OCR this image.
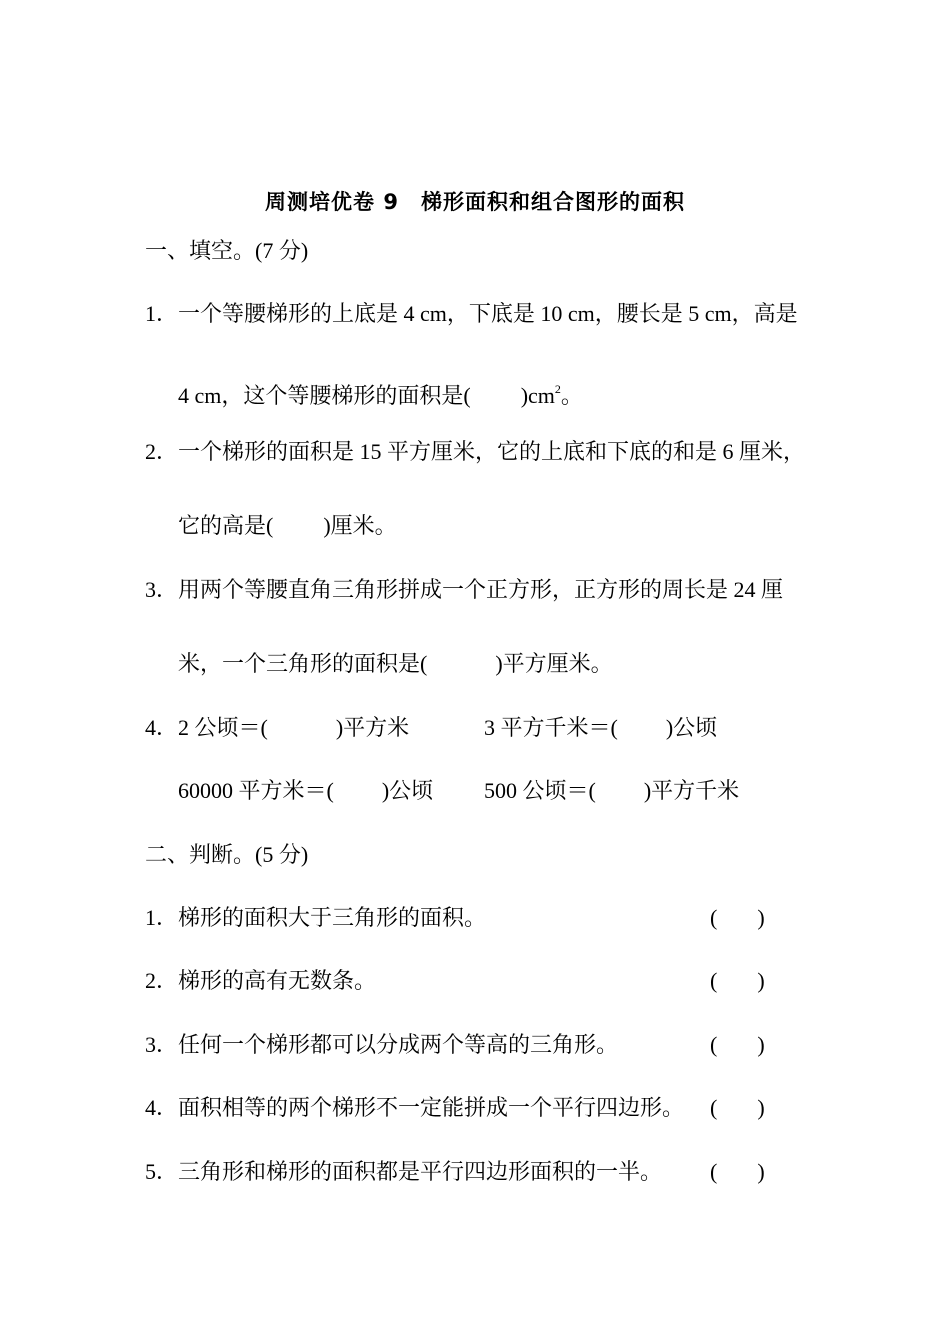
周测培优卷 9　梯形面积和组合图形的面积
一、填空。(7 分)
1． 一个等腰梯形的上底是 4 cm，下底是 10 cm，腰长是 5 cm，高是
4 cm，这个等腰梯形的面积是( )$cm^2$。
2． 一个梯形的面积是 15 平方厘米，它的上底和下底的和是 6 厘米，
它的高是( )厘米。
3． 用两个等腰直角三角形拼成一个正方形，正方形的周长是 24 厘
米，一个三角形的面积是(	)平方厘米。
4． 2 公顷＝(	)平方米	3 平方千米＝( )公顷
60000 平方米＝( )公顷 500 公顷＝( )平方千米
二、判断。(5 分)
1． 梯形的面积大于三角形的面积。	( )
2． 梯形的高有无数条。	( )
3． 任何一个梯形都可以分成两个等高的三角形。	( )
4． 面积相等的两个梯形不一定能拼成一个平行四边形。 ( )
5． 三角形和梯形的面积都是平行四边形面积的一半。 ( )
